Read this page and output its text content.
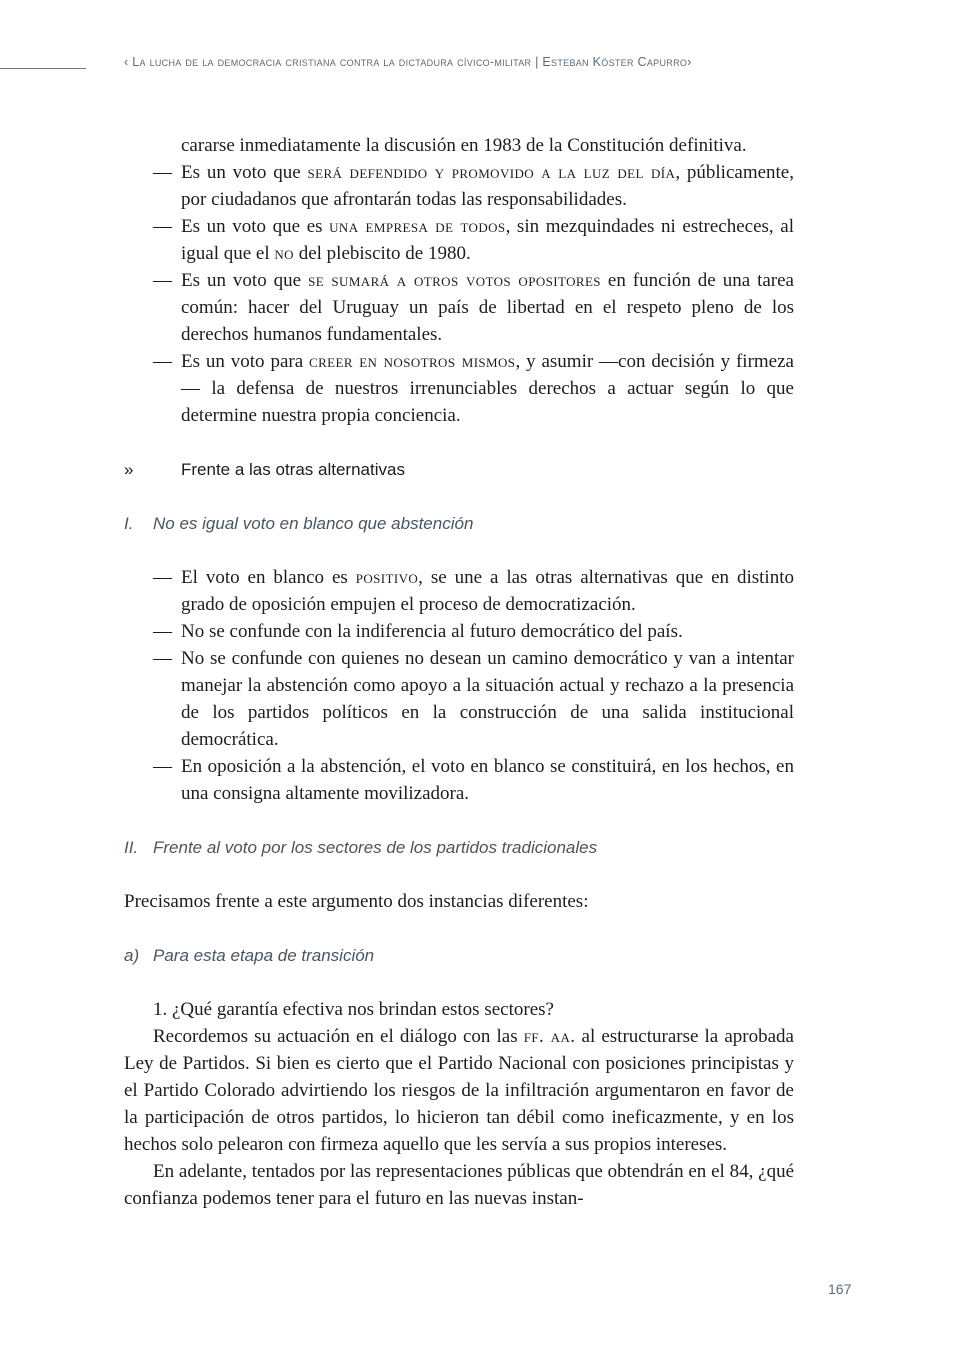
‹ La lucha de la democracia cristiana contra la dictadura cívico-militar | Esteban Köster Capurro›
cararse inmediatamente la discusión en 1983 de la Constitución definitiva.
— Es un voto que será defendido y promovido a la luz del día, públicamente, por ciudadanos que afrontarán todas las responsabilidades.
— Es un voto que es una empresa de todos, sin mezquindades ni estrecheces, al igual que el no del plebiscito de 1980.
— Es un voto que se sumará a otros votos opositores en función de una tarea común: hacer del Uruguay un país de libertad en el respeto pleno de los derechos humanos fundamentales.
— Es un voto para creer en nosotros mismos, y asumir —con decisión y firmeza— la defensa de nuestros irrenunciables derechos a actuar según lo que determine nuestra propia conciencia.
»	Frente a las otras alternativas
I. No es igual voto en blanco que abstención
— El voto en blanco es positivo, se une a las otras alternativas que en distinto grado de oposición empujen el proceso de democratización.
— No se confunde con la indiferencia al futuro democrático del país.
— No se confunde con quienes no desean un camino democrático y van a intentar manejar la abstención como apoyo a la situación actual y rechazo a la presencia de los partidos políticos en la construcción de una salida institucional democrática.
— En oposición a la abstención, el voto en blanco se constituirá, en los hechos, en una consigna altamente movilizadora.
II. Frente al voto por los sectores de los partidos tradicionales
Precisamos frente a este argumento dos instancias diferentes:
a) Para esta etapa de transición

1. ¿Qué garantía efectiva nos brindan estos sectores?

Recordemos su actuación en el diálogo con las ff. aa. al estructurarse la aprobada Ley de Partidos. Si bien es cierto que el Partido Nacional con posiciones principistas y el Partido Colorado advirtiendo los riesgos de la infiltración argumentaron en favor de la participación de otros partidos, lo hicieron tan débil como ineficazmente, y en los hechos solo pelearon con firmeza aquello que les servía a sus propios intereses.

En adelante, tentados por las representaciones públicas que obtendrán en el 84, ¿qué confianza podemos tener para el futuro en las nuevas instan-

167
